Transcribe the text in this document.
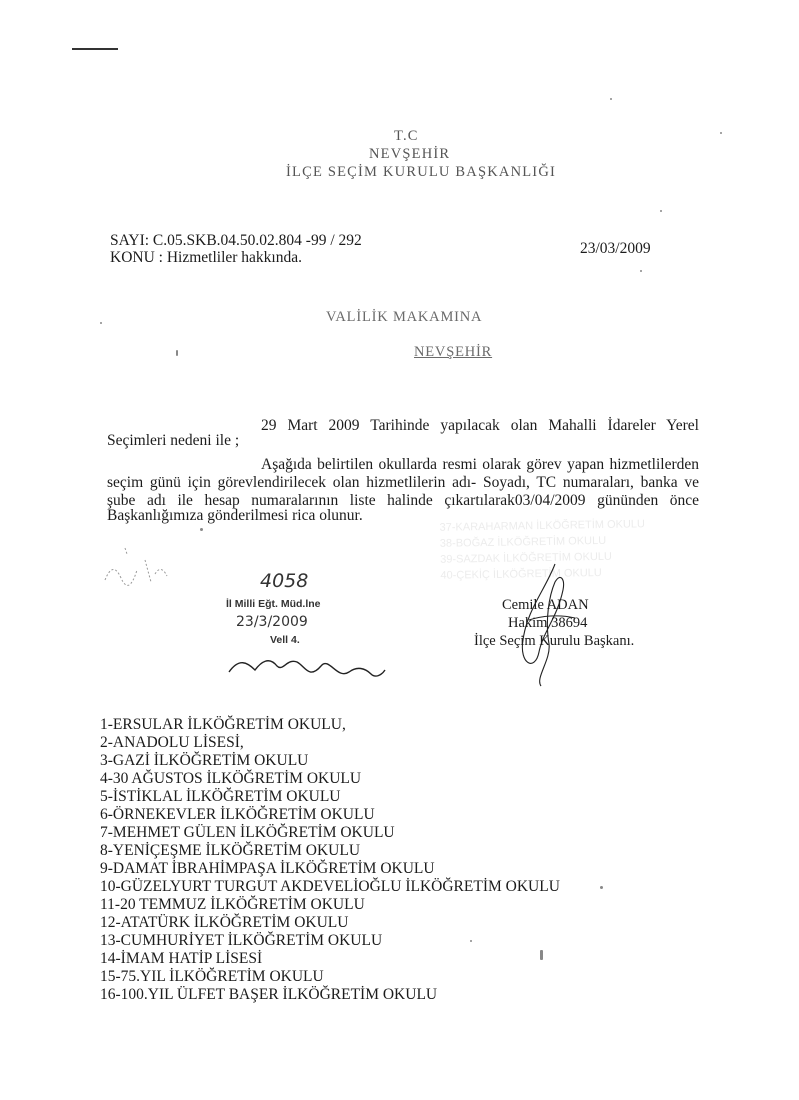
37-KARAHARMAN İLKÖĞRETİM OKULU
38-BOĞAZ İLKÖĞRETİM OKULU
39-SAZDAK İLKÖĞRETİM OKULU
40-ÇEKİÇ İLKÖĞRETİM OKULU
T.C
NEVŞEHİR
İLÇE SEÇİM KURULU BAŞKANLIĞI
SAYI: C.05.SKB.04.50.02.804 -99 / 292
KONU : Hizmetliler hakkında.
23/03/2009
VALİLİK MAKAMINA
NEVŞEHİR
29 Mart 2009 Tarihinde yapılacak olan Mahalli İdareler Yerel
Seçimleri nedeni ile ;
Aşağıda belirtilen okullarda resmi olarak görev yapan hizmetlilerden
seçim günü için görevlendirilecek olan hizmetlilerin adı- Soyadı, TC numaraları, banka ve
şube adı ile hesap numaralarının liste halinde çıkartılarak03/04/2009 gününden önce
Başkanlığımıza gönderilmesi rica olunur.
4058
İl Milli Eğt. Müd.lne
23/3/2009
Vell 4.
Cemile ADAN
Hakim 38694
İlçe Seçim Kurulu Başkanı.
1-ERSULAR İLKÖĞRETİM OKULU,
2-ANADOLU LİSESİ,
3-GAZİ İLKÖĞRETİM OKULU
4-30 AĞUSTOS İLKÖĞRETİM OKULU
5-İSTİKLAL İLKÖĞRETİM OKULU
6-ÖRNEKEVLER İLKÖĞRETİM OKULU
7-MEHMET GÜLEN İLKÖĞRETİM OKULU
8-YENİÇEŞME İLKÖĞRETİM OKULU
9-DAMAT İBRAHİMPAŞA İLKÖĞRETİM OKULU
10-GÜZELYURT TURGUT AKDEVELİOĞLU İLKÖĞRETİM OKULU
11-20 TEMMUZ İLKÖĞRETİM OKULU
12-ATATÜRK İLKÖĞRETİM OKULU
13-CUMHURİYET İLKÖĞRETİM OKULU
14-İMAM HATİP LİSESİ
15-75.YIL İLKÖĞRETİM OKULU
16-100.YIL ÜLFET BAŞER İLKÖĞRETİM OKULU
